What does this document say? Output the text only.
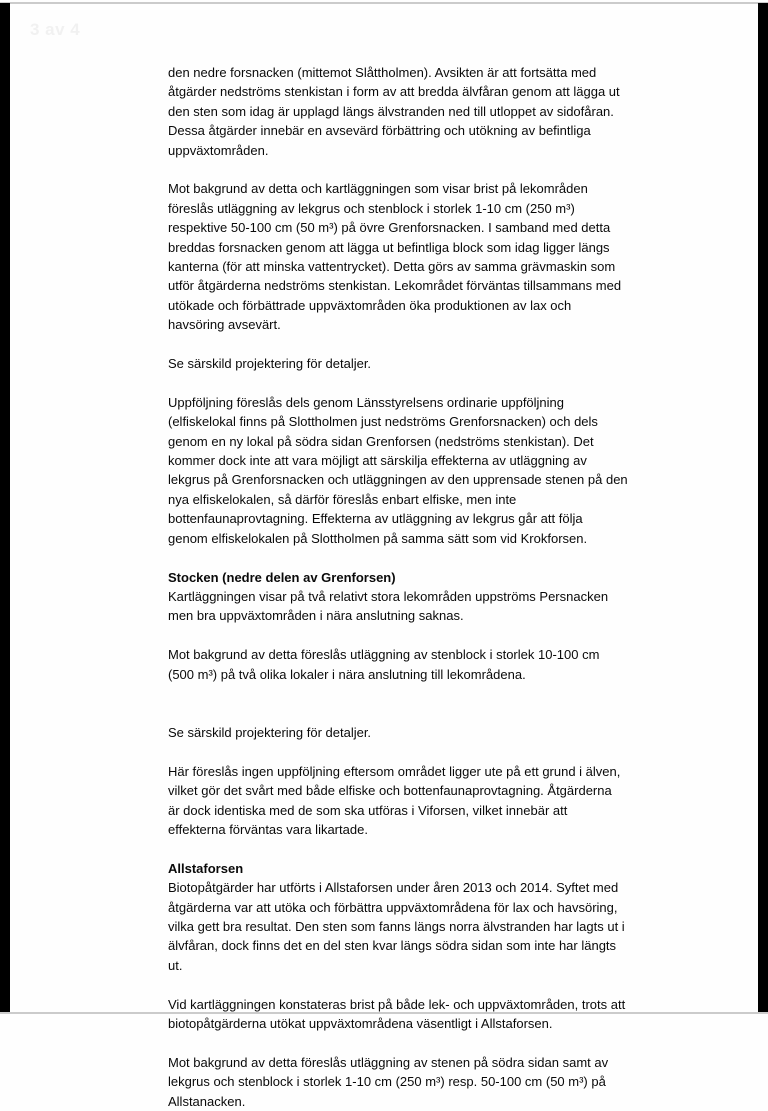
3 av 4
den nedre forsnacken (mittemot Slåttholmen). Avsikten är att fortsätta med
åtgärder nedströms stenkistan i form av att bredda älvfåran genom att lägga ut
den sten som idag är upplagd längs älvstranden ned till utloppet av sidofåran.
Dessa åtgärder innebär en avsevärd förbättring och utökning av befintliga
uppväxtområden.
Mot bakgrund av detta och kartläggningen som visar brist på lekområden
föreslås utläggning av lekgrus och stenblock i storlek 1-10 cm (250 m³)
respektive 50-100 cm (50 m³) på övre Grenforsnacken. I samband med detta
breddas forsnacken genom att lägga ut befintliga block som idag ligger längs
kanterna (för att minska vattentrycket). Detta görs av samma grävmaskin som
utför åtgärderna nedströms stenkistan. Lekområdet förväntas tillsammans med
utökade och förbättrade uppväxtområden öka produktionen av lax och
havsöring avsevärt.
Se särskild projektering för detaljer.
Uppföljning föreslås dels genom Länsstyrelsens ordinarie uppföljning
(elfiskelokal finns på Slottholmen just nedströms Grenforsnacken) och dels
genom en ny lokal på södra sidan Grenforsen (nedströms stenkistan). Det
kommer dock inte att vara möjligt att särskilja effekterna av utläggning av
lekgrus på Grenforsnacken och utläggningen av den upprensade stenen på den
nya elfiskelokalen, så därför föreslås enbart elfiske, men inte
bottenfaunaprovtagning. Effekterna av utläggning av lekgrus går att följa
genom elfiskelokalen på Slottholmen på samma sätt som vid Krokforsen.
Stocken (nedre delen av Grenforsen)
Kartläggningen visar på två relativt stora lekområden uppströms Persnacken
men bra uppväxtområden i nära anslutning saknas.
Mot bakgrund av detta föreslås utläggning av stenblock i storlek 10-100 cm
(500 m³) på två olika lokaler i nära anslutning till lekområdena.
Se särskild projektering för detaljer.
Här föreslås ingen uppföljning eftersom området ligger ute på ett grund i älven,
vilket gör det svårt med både elfiske och bottenfaunaprovtagning. Åtgärderna
är dock identiska med de som ska utföras i Viforsen, vilket innebär att
effekterna förväntas vara likartade.
Allstaforsen
Biotopåtgärder har utförts i Allstaforsen under åren 2013 och 2014. Syftet med
åtgärderna var att utöka och förbättra uppväxtområdena för lax och havsöring,
vilka gett bra resultat. Den sten som fanns längs norra älvstranden har lagts ut i
älvfåran, dock finns det en del sten kvar längs södra sidan som inte har längts
ut.
Vid kartläggningen konstateras brist på både lek- och uppväxtområden, trots att
biotopåtgärderna utökat uppväxtområdena väsentligt i Allstaforsen.
Mot bakgrund av detta föreslås utläggning av stenen på södra sidan samt av
lekgrus och stenblock i storlek 1-10 cm (250 m³) resp. 50-100 cm (50 m³) på
Allstanacken.
